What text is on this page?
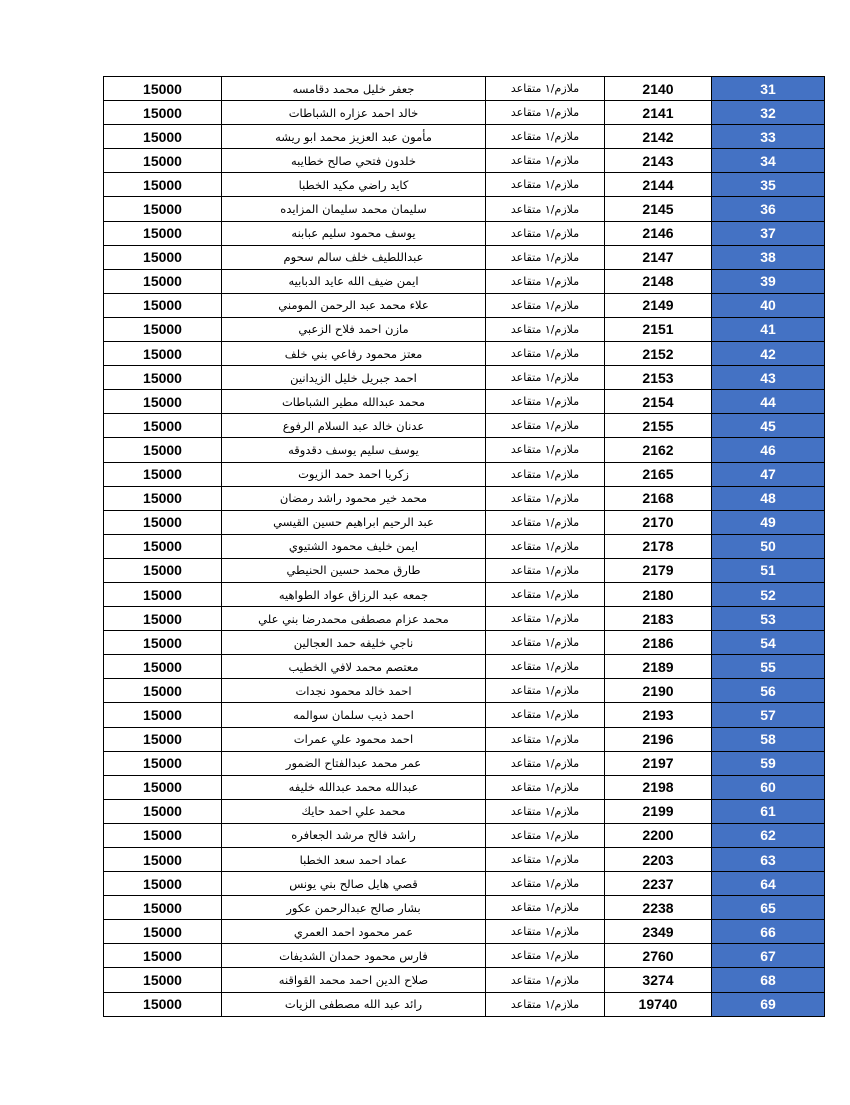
15000	جعفر خليل محمد دقامسه	ملازم/١ متقاعد	2140	31
15000	خالد احمد عزاره الشباطات	ملازم/١ متقاعد	2141	32
15000	مأمون عبد العزيز محمد ابو ريشه	ملازم/١ متقاعد	2142	33
15000	خلدون فتحي صالح خطايبه	ملازم/١ متقاعد	2143	34
15000	كايد راضي مكيد الخطبا	ملازم/١ متقاعد	2144	35
15000	سليمان محمد سليمان المزايده	ملازم/١ متقاعد	2145	36
15000	يوسف محمود سليم عبابنه	ملازم/١ متقاعد	2146	37
15000	عبداللطيف خلف سالم سحوم	ملازم/١ متقاعد	2147	38
15000	ايمن ضيف الله عايد الدبابيه	ملازم/١ متقاعد	2148	39
15000	علاء محمد عبد الرحمن المومني	ملازم/١ متقاعد	2149	40
15000	مازن احمد فلاح الزعبي	ملازم/١ متقاعد	2151	41
15000	معتز محمود رفاعي بني خلف	ملازم/١ متقاعد	2152	42
15000	احمد جبريل خليل الزيدانين	ملازم/١ متقاعد	2153	43
15000	محمد عبدالله مطير الشباطات	ملازم/١ متقاعد	2154	44
15000	عدنان خالد عبد السلام الرفوع	ملازم/١ متقاعد	2155	45
15000	يوسف سليم يوسف دقدوقه	ملازم/١ متقاعد	2162	46
15000	زكريا احمد حمد الزيوت	ملازم/١ متقاعد	2165	47
15000	محمد خير محمود راشد رمضان	ملازم/١ متقاعد	2168	48
15000	عبد الرحيم ابراهيم حسين القيسي	ملازم/١ متقاعد	2170	49
15000	ايمن خليف محمود الشتيوي	ملازم/١ متقاعد	2178	50
15000	طارق محمد حسين الحنيطي	ملازم/١ متقاعد	2179	51
15000	جمعه عبد الرزاق عواد الطواهيه	ملازم/١ متقاعد	2180	52
15000	محمد عزام مصطفى محمدرضا بني علي	ملازم/١ متقاعد	2183	53
15000	ناجي خليفه حمد العجالين	ملازم/١ متقاعد	2186	54
15000	معتصم محمد لافي الخطيب	ملازم/١ متقاعد	2189	55
15000	احمد خالد محمود نجدات	ملازم/١ متقاعد	2190	56
15000	احمد ذيب سلمان سوالمه	ملازم/١ متقاعد	2193	57
15000	احمد محمود علي عمرات	ملازم/١ متقاعد	2196	58
15000	عمر محمد عبدالفتاح الضمور	ملازم/١ متقاعد	2197	59
15000	عبدالله محمد عبدالله خليفه	ملازم/١ متقاعد	2198	60
15000	محمد علي احمد حايك	ملازم/١ متقاعد	2199	61
15000	راشد فالح مرشد الجعافره	ملازم/١ متقاعد	2200	62
15000	عماد احمد سعد الخطبا	ملازم/١ متقاعد	2203	63
15000	قصي هايل صالح بني يونس	ملازم/١ متقاعد	2237	64
15000	بشار صالح عبدالرحمن عكور	ملازم/١ متقاعد	2238	65
15000	عمر محمود احمد العمري	ملازم/١ متقاعد	2349	66
15000	فارس محمود حمدان الشديفات	ملازم/١ متقاعد	2760	67
15000	صلاح الدين احمد محمد القواقنه	ملازم/١ متقاعد	3274	68
15000	رائد عبد الله مصطفى الزيات	ملازم/١ متقاعد	19740	69
